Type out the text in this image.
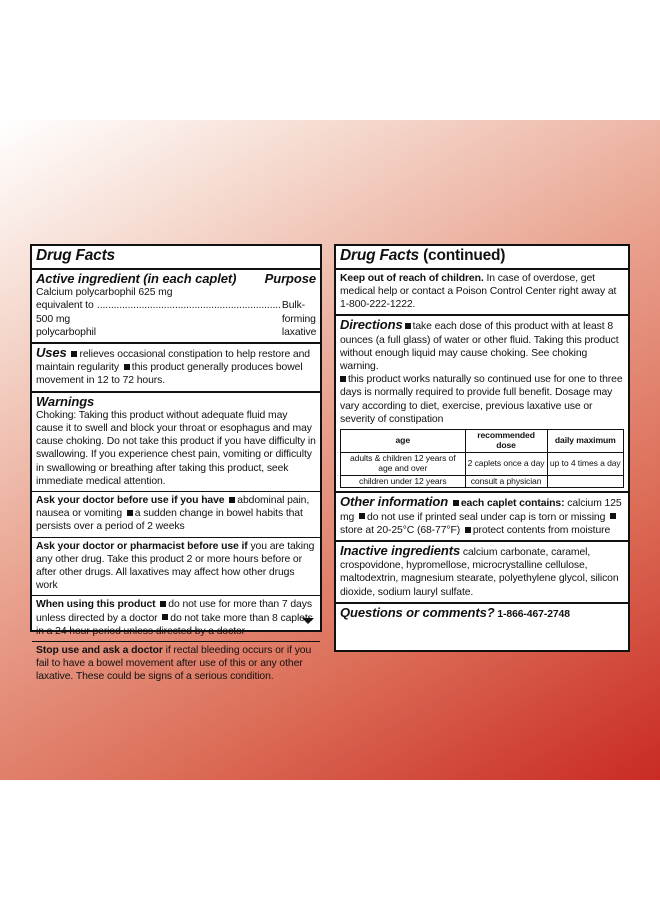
Drug Facts
Active ingredient (in each caplet) Purpose
Calcium polycarbophil 625 mg
equivalent to 500 mg polycarbophil
.....
Bulk-forming laxative
Uses relieves occasional constipation to help restore and maintain regularity this product generally produces bowel movement in 12 to 72 hours.
Warnings
Choking: Taking this product without adequate fluid may cause it to swell and block your throat or esophagus and may cause choking. Do not take this product if you have difficulty in swallowing. If you experience chest pain, vomiting or difficulty in swallowing or breathing after taking this product, seek immediate medical attention.
Ask your doctor before use if you have abdominal pain, nausea or vomiting a sudden change in bowel habits that persists over a period of 2 weeks
Ask your doctor or pharmacist before use if you are taking any other drug. Take this product 2 or more hours before or after other drugs. All laxatives may affect how other drugs work
When using this product do not use for more than 7 days unless directed by a doctor do not take more than 8 caplets in a 24 hour period unless directed by a doctor
Stop use and ask a doctor if rectal bleeding occurs or if you fail to have a bowel movement after use of this or any other laxative. These could be signs of a serious condition.
Drug Facts (continued)
Keep out of reach of children. In case of overdose, get medical help or contact a Poison Control Center right away at 1-800-222-1222.
Directions take each dose of this product with at least 8 ounces (a full glass) of water or other fluid. Taking this product without enough liquid may cause choking. See choking warning.
this product works naturally so continued use for one to three days is normally required to provide full benefit. Dosage may vary according to diet, exercise, previous laxative use or severity of constipation
age	recommended dose	daily maximum
adults & children 12 years of age and over	2 caplets once a day	up to 4 times a day
children under 12 years	consult a physician	
Other information each caplet contains: calcium 125 mg do not use if printed seal under cap is torn or missing store at 20-25°C (68-77°F) protect contents from moisture
Inactive ingredients calcium carbonate, caramel, crospovidone, hypromellose, microcrystalline cellulose, maltodextrin, magnesium stearate, polyethylene glycol, silicon dioxide, sodium lauryl sulfate.
Questions or comments? 1-866-467-2748
